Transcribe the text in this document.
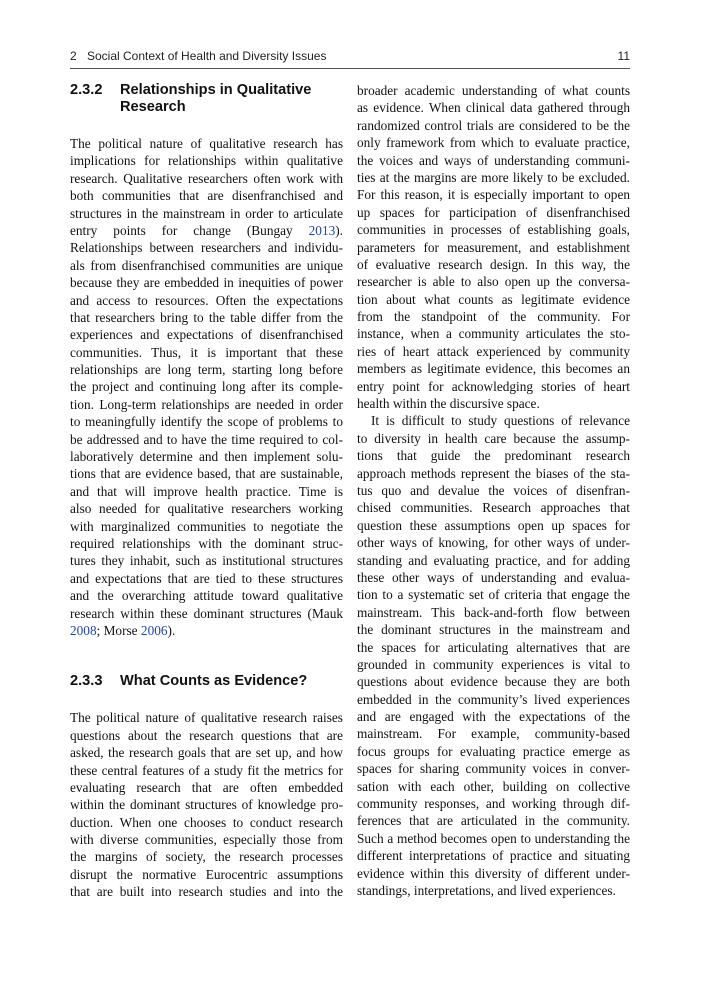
2 Social Context of Health and Diversity Issues	11
2.3.2	Relationships in Qualitative
Research
The political nature of qualitative research has
implications for relationships within qualitative
research. Qualitative researchers often work with
both communities that are disenfranchised and
structures in the mainstream in order to articulate
entry points for change (Bungay 2013).
Relationships between researchers and individu-
als from disenfranchised communities are unique
because they are embedded in inequities of power
and access to resources. Often the expectations
that researchers bring to the table differ from the
experiences and expectations of disenfranchised
communities. Thus, it is important that these
relationships are long term, starting long before
the project and continuing long after its comple-
tion. Long-term relationships are needed in order
to meaningfully identify the scope of problems to
be addressed and to have the time required to col-
laboratively determine and then implement solu-
tions that are evidence based, that are sustainable,
and that will improve health practice. Time is
also needed for qualitative researchers working
with marginalized communities to negotiate the
required relationships with the dominant struc-
tures they inhabit, such as institutional structures
and expectations that are tied to these structures
and the overarching attitude toward qualitative
research within these dominant structures (Mauk
2008; Morse 2006).
2.3.3	What Counts as Evidence?
The political nature of qualitative research raises
questions about the research questions that are
asked, the research goals that are set up, and how
these central features of a study fit the metrics for
evaluating research that are often embedded
within the dominant structures of knowledge pro-
duction. When one chooses to conduct research
with diverse communities, especially those from
the margins of society, the research processes
disrupt the normative Eurocentric assumptions
that are built into research studies and into the
broader academic understanding of what counts
as evidence. When clinical data gathered through
randomized control trials are considered to be the
only framework from which to evaluate practice,
the voices and ways of understanding communi-
ties at the margins are more likely to be excluded.
For this reason, it is especially important to open
up spaces for participation of disenfranchised
communities in processes of establishing goals,
parameters for measurement, and establishment
of evaluative research design. In this way, the
researcher is able to also open up the conversa-
tion about what counts as legitimate evidence
from the standpoint of the community. For
instance, when a community articulates the sto-
ries of heart attack experienced by community
members as legitimate evidence, this becomes an
entry point for acknowledging stories of heart
health within the discursive space.
It is difficult to study questions of relevance
to diversity in health care because the assump-
tions that guide the predominant research
approach methods represent the biases of the sta-
tus quo and devalue the voices of disenfran-
chised communities. Research approaches that
question these assumptions open up spaces for
other ways of knowing, for other ways of under-
standing and evaluating practice, and for adding
these other ways of understanding and evalua-
tion to a systematic set of criteria that engage the
mainstream. This back-and-forth flow between
the dominant structures in the mainstream and
the spaces for articulating alternatives that are
grounded in community experiences is vital to
questions about evidence because they are both
embedded in the community’s lived experiences
and are engaged with the expectations of the
mainstream. For example, community-based
focus groups for evaluating practice emerge as
spaces for sharing community voices in conver-
sation with each other, building on collective
community responses, and working through dif-
ferences that are articulated in the community.
Such a method becomes open to understanding the
different interpretations of practice and situating
evidence within this diversity of different under-
standings, interpretations, and lived experiences.
